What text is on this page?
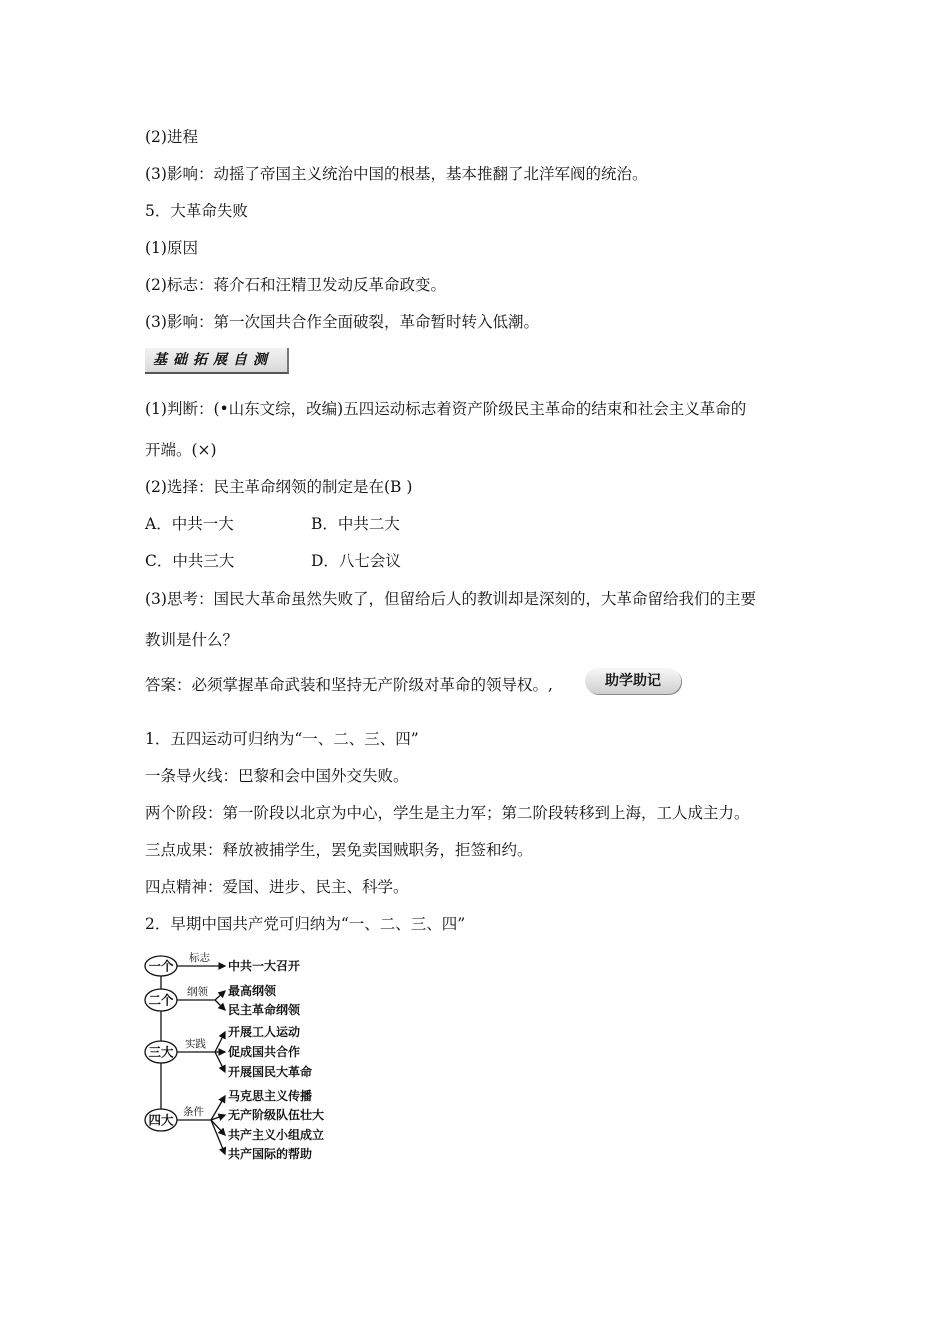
(2)进程
(3)影响：动摇了帝国主义统治中国的根基，基本推翻了北洋军阀的统治。
5．大革命失败
(1)原因
(2)标志：蒋介石和汪精卫发动反革命政变。
(3)影响：第一次国共合作全面破裂，革命暂时转入低潮。
基础拓展自测
(1)判断：(•山东文综，改编)五四运动标志着资产阶级民主革命的结束和社会主义革命的
开端。(×)
(2)选择：民主革命纲领的制定是在(B )
A．中共一大	B．中共二大
C．中共三大	D．八七会议
(3)思考：国民大革命虽然失败了，但留给后人的教训却是深刻的，大革命留给我们的主要
教训是什么？
答案：必须掌握革命武装和坚持无产阶级对革命的领导权。,	助学助记
1．五四运动可归纳为“一、二、三、四”
一条导火线：巴黎和会中国外交失败。
两个阶段：第一阶段以北京为中心，学生是主力军；第二阶段转移到上海，工人成主力。
三点成果：释放被捕学生，罢免卖国贼职务，拒签和约。
四点精神：爱国、进步、民主、科学。
2．早期中国共产党可归纳为“一、二、三、四”
一个
二个
三大
四大
标志
纲领
实践
条件
中共一大召开
最高纲领
民主革命纲领
开展工人运动
促成国共合作
开展国民大革命
马克思主义传播
无产阶级队伍壮大
共产主义小组成立
共产国际的帮助
